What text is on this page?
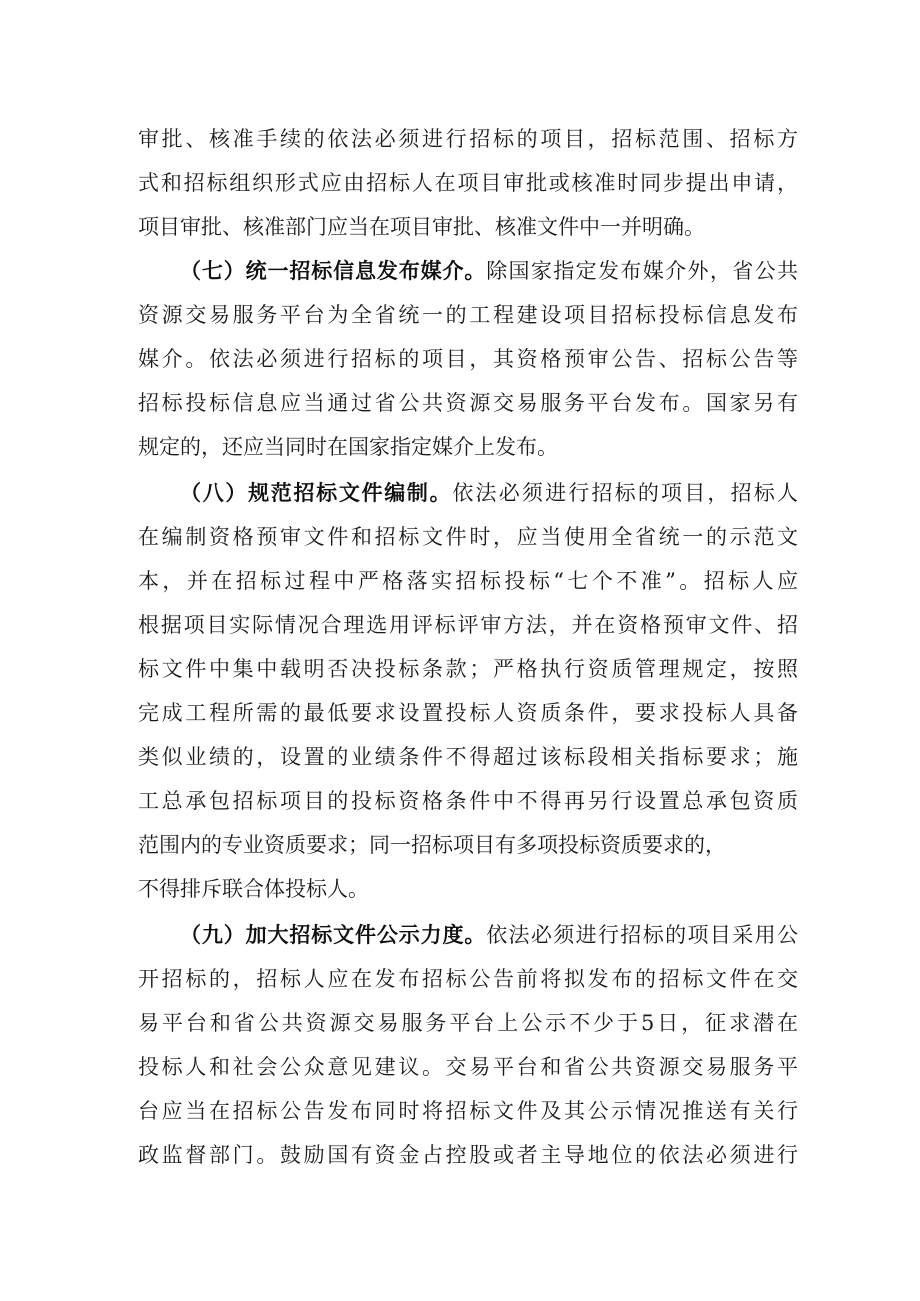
审批、核准手续的依法必须进行招标的项目，招标范围、招标方
式和招标组织形式应由招标人在项目审批或核准时同步提出申请，
项目审批、核准部门应当在项目审批、核准文件中一并明确。
（七）统一招标信息发布媒介。除国家指定发布媒介外，省公共
资源交易服务平台为全省统一的工程建设项目招标投标信息发布
媒介。依法必须进行招标的项目，其资格预审公告、招标公告等
招标投标信息应当通过省公共资源交易服务平台发布。国家另有
规定的，还应当同时在国家指定媒介上发布。
（八）规范招标文件编制。依法必须进行招标的项目，招标人
在编制资格预审文件和招标文件时，应当使用全省统一的示范文
本，并在招标过程中严格落实招标投标“七个不准”。招标人应
根据项目实际情况合理选用评标评审方法，并在资格预审文件、招
标文件中集中载明否决投标条款；严格执行资质管理规定，按照
完成工程所需的最低要求设置投标人资质条件，要求投标人具备
类似业绩的，设置的业绩条件不得超过该标段相关指标要求；施
工总承包招标项目的投标资格条件中不得再另行设置总承包资质
范围内的专业资质要求；同一招标项目有多项投标资质要求的，
不得排斥联合体投标人。
（九）加大招标文件公示力度。依法必须进行招标的项目采用公
开招标的，招标人应在发布招标公告前将拟发布的招标文件在交
易平台和省公共资源交易服务平台上公示不少于5日，征求潜在
投标人和社会公众意见建议。交易平台和省公共资源交易服务平
台应当在招标公告发布同时将招标文件及其公示情况推送有关行
政监督部门。鼓励国有资金占控股或者主导地位的依法必须进行
